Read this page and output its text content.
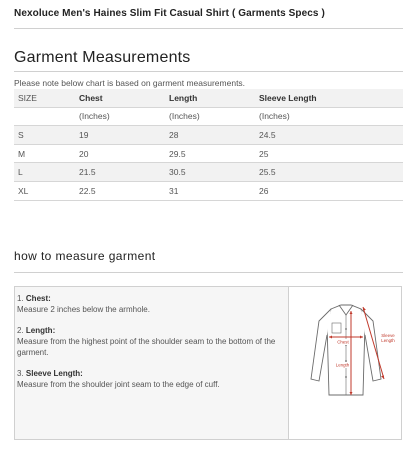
Nexoluce Men's Haines Slim Fit Casual Shirt ( Garments Specs )
Garment Measurements
Please note below chart is based on garment measurements.
SIZE	Chest	Length	Sleeve Length
	(Inches)	(Inches)	(Inches)
S	19	28	24.5
M	20	29.5	25
L	21.5	30.5	25.5
XL	22.5	31	26
how to measure garment
1. Chest:
Measure 2 inches below the armhole.
2. Length:
Measure from the highest point of the shoulder seam to the bottom of the garment.
3. Sleeve Length:
Measure from the shoulder joint seam to the edge of cuff.
Chest
Length
Sleeve
Length
